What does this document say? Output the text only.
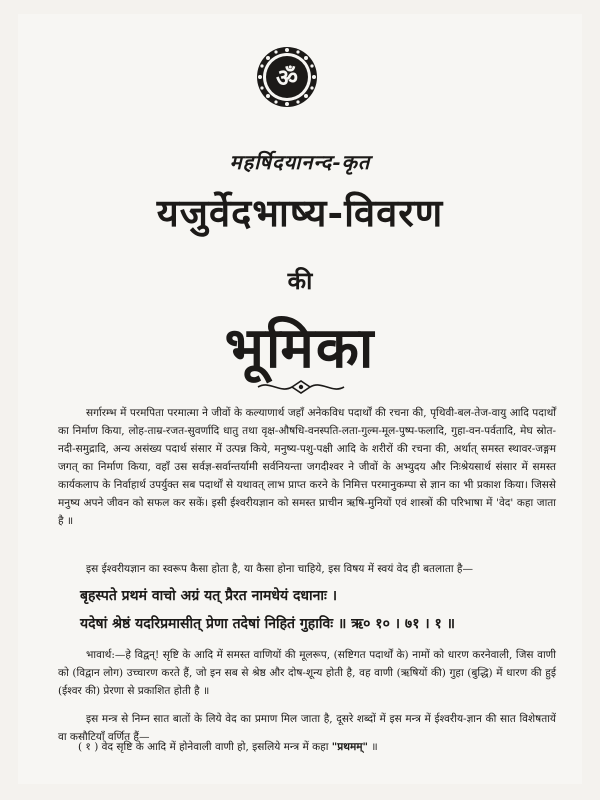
ॐ
महर्षिदयानन्द-कृत
यजुर्वेदभाष्य-विवरण
की
भूमिका
सर्गारम्भ में परमपिता परमात्मा ने जीवों के कल्याणार्थ जहाँ अनेकविध पदार्थों की रचना की, पृथिवी-बल-तेज-वायु आदि पदार्थों का निर्माण किया, लोह-ताम्र-रजत-सुवर्णादि धातु तथा वृक्ष-औषधि-वनस्पति-लता-गुल्म-मूल-पुष्प-फलादि, गुहा-वन-पर्वतादि, मेघ स्रोत-नदी-समुद्रादि, अन्य असंख्य पदार्थ संसार में उत्पन्न किये, मनुष्य-पशु-पक्षी आदि के शरीरों की रचना की, अर्थात् समस्त स्थावर-जङ्गम जगत् का निर्माण किया, वहाँ उस सर्वज्ञ-सर्वान्तर्यामी सर्वनियन्ता जगदीश्वर ने जीवों के अभ्युदय और निःश्रेयसार्थ संसार में समस्त कार्यकलाप के निर्वाहार्थ उपर्युक्त सब पदार्थों से यथावत् लाभ प्राप्त करने के निमित्त परमानुकम्पा से ज्ञान का भी प्रकाश किया। जिससे मनुष्य अपने जीवन को सफल कर सकें। इसी ईश्वरीयज्ञान को समस्त प्राचीन ऋषि-मुनियों एवं शास्त्रों की परिभाषा में 'वेद' कहा जाता है ॥
इस ईश्वरीयज्ञान का स्वरूप कैसा होता है, या कैसा होना चाहिये, इस विषय में स्वयं वेद ही बतलाता है—
बृहस्पते प्रथमं वाचो अग्रं यत् प्रैरत नामधेयं दधानाः ।
यदेषां श्रेष्ठं यदरिप्रमासीत् प्रेणा तदेषां निहितं गुहाविः ॥ ऋ० १० । ७१ । १ ॥
भावार्थ:—हे विद्वन्! सृष्टि के आदि में समस्त वाणियों की मूलरूप, (सष्टिगत पदार्थों के) नामों को धारण करनेवाली, जिस वाणी को (विद्वान लोग) उच्चारण करते हैं, जो इन सब से श्रेष्ठ और दोष-शून्य होती है, वह वाणी (ऋषियों की) गुहा (बुद्धि) में धारण की हुई (ईश्वर की) प्रेरणा से प्रकाशित होती है ॥
इस मन्त्र से निम्न सात बातों के लिये वेद का प्रमाण मिल जाता है, दूसरे शब्दों में इस मन्त्र में ईश्वरीय-ज्ञान की सात विशेषतायें वा कसौटियाँ वर्णित हैं—
( १ ) वेद सृष्टि के आदि में होनेवाली वाणी हो, इसलिये मन्त्र में कहा "प्रथमम्" ॥
